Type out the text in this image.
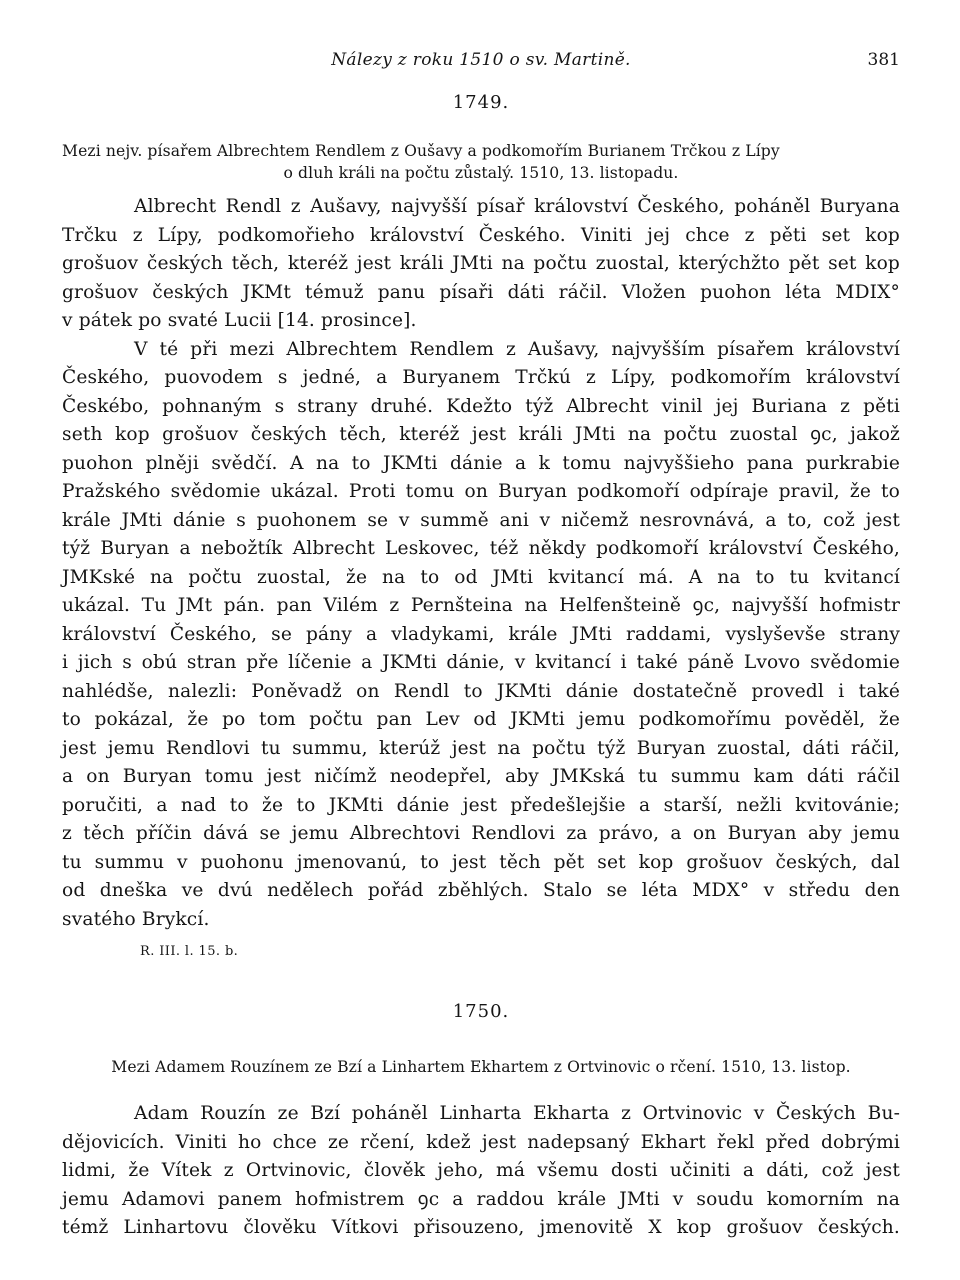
Nálezy z roku 1510 o sv. Martině.	381
1749.
Mezi nejv. písařem Albrechtem Rendlem z Oušavy a podkomořím Burianem Trčkou z Lípy
o dluh králi na počtu zůstalý. 1510, 13. listopadu.
Albrecht Rendl z Aušavy, najvyšší písař království Českého, poháněl Buryana
Trčku z Lípy, podkomořieho království Českého. Viniti jej chce z pěti set kop
grošuov českých těch, kteréž jest králi JMti na počtu zuostal, kterýchžto pět set kop
grošuov českých JKMt témuž panu písaři dáti ráčil. Vložen puohon léta MDIX°
v pátek po svaté Lucii [14. prosince].
V té při mezi Albrechtem Rendlem z Aušavy, najvyšším písařem království
Českého, puovodem s jedné, a Buryanem Trčkú z Lípy, podkomořím království
Českébo, pohnaným s strany druhé. Kdežto týž Albrecht vinil jej Buriana z pěti
seth kop grošuov českých těch, kteréž jest králi JMti na počtu zuostal ꝯc, jakož
puohon plněji svědčí. A na to JKMti dánie a k tomu najvyššieho pana purkrabie
Pražského svědomie ukázal. Proti tomu on Buryan podkomoří odpíraje pravil, že to
krále JMti dánie s puohonem se v summě ani v ničemž nesrovnává, a to, což jest
týž Buryan a nebožtík Albrecht Leskovec, též někdy podkomoří království Českého,
JMKské na počtu zuostal, že na to od JMti kvitancí má. A na to tu kvitancí
ukázal. Tu JMt pán. pan Vilém z Pernšteina na Helfenšteině ꝯc, najvyšší hofmistr
království Českého, se pány a vladykami, krále JMti raddami, vyslyševše strany
i jich s obú stran pře líčenie a JKMti dánie, v kvitancí i také páně Lvovo svědomie
nahlédše, nalezli: Poněvadž on Rendl to JKMti dánie dostatečně provedl i také
to pokázal, že po tom počtu pan Lev od JKMti jemu podkomořímu pověděl, že
jest jemu Rendlovi tu summu, kterúž jest na počtu týž Buryan zuostal, dáti ráčil,
a on Buryan tomu jest ničímž neodepřel, aby JMKská tu summu kam dáti ráčil
poručiti, a nad to že to JKMti dánie jest předešlejšie a starší, nežli kvitovánie;
z těch příčin dává se jemu Albrechtovi Rendlovi za právo, a on Buryan aby jemu
tu summu v puohonu jmenovanú, to jest těch pět set kop grošuov českých, dal
od dneška ve dvú nedělech pořád zběhlých. Stalo se léta MDX° v středu den
svatého Brykcí.
R. III. l. 15. b.
1750.
Mezi Adamem Rouzínem ze Bzí a Linhartem Ekhartem z Ortvinovic o rčení. 1510, 13. listop.
Adam Rouzín ze Bzí poháněl Linharta Ekharta z Ortvinovic v Českých Bu-
dějovicích. Viniti ho chce ze rčení, kdež jest nadepsaný Ekhart řekl před dobrými
lidmi, že Vítek z Ortvinovic, člověk jeho, má všemu dosti učiniti a dáti, což jest
jemu Adamovi panem hofmistrem ꝯc a raddou krále JMti v soudu komorním na
témž Linhartovu člověku Vítkovi přisouzeno, jmenovitě X kop grošuov českých.
